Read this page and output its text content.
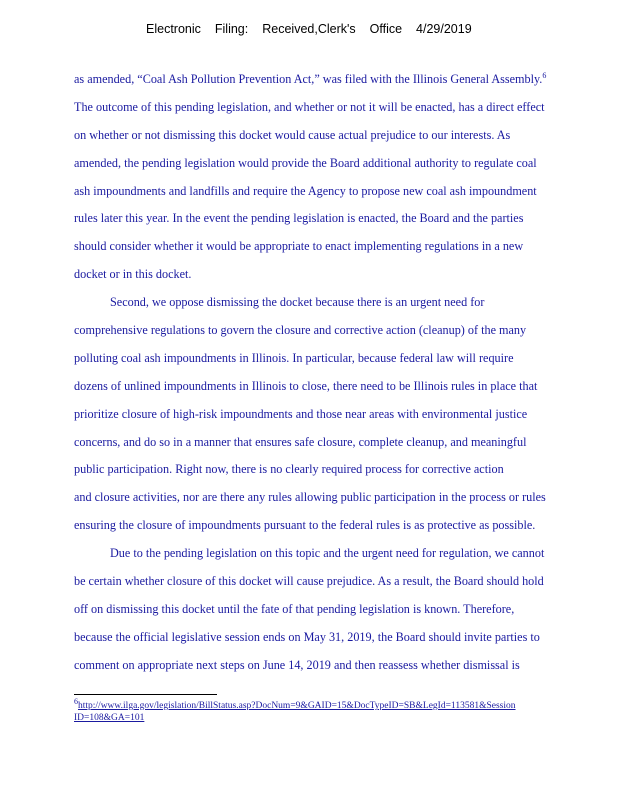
Electronic Filing: Received,Clerk's Office 4/29/2019
as amended, “Coal Ash Pollution Prevention Act,” was filed with the Illinois General Assembly.$^6$
The outcome of this pending legislation, and whether or not it will be enacted, has a direct effect
on whether or not dismissing this docket would cause actual prejudice to our interests. As
amended, the pending legislation would provide the Board additional authority to regulate coal
ash impoundments and landfills and require the Agency to propose new coal ash impoundment
rules later this year. In the event the pending legislation is enacted, the Board and the parties
should consider whether it would be appropriate to enact implementing regulations in a new
docket or in this docket.
Second, we oppose dismissing the docket because there is an urgent need for
comprehensive regulations to govern the closure and corrective action (cleanup) of the many
polluting coal ash impoundments in Illinois. In particular, because federal law will require
dozens of unlined impoundments in Illinois to close, there need to be Illinois rules in place that
prioritize closure of high-risk impoundments and those near areas with environmental justice
concerns, and do so in a manner that ensures safe closure, complete cleanup, and meaningful
public participation. Right now, there is no clearly required process for corrective action
and closure activities, nor are there any rules allowing public participation in the process or rules
ensuring the closure of impoundments pursuant to the federal rules is as protective as possible.
Due to the pending legislation on this topic and the urgent need for regulation, we cannot
be certain whether closure of this docket will cause prejudice. As a result, the Board should hold
off on dismissing this docket until the fate of that pending legislation is known. Therefore,
because the official legislative session ends on May 31, 2019, the Board should invite parties to
comment on appropriate next steps on June 14, 2019 and then reassess whether dismissal is
$^6$http://www.ilga.gov/legislation/BillStatus.asp?DocNum=9&GAID=15&DocTypeID=SB&LegId=113581&Session
ID=108&GA=101
